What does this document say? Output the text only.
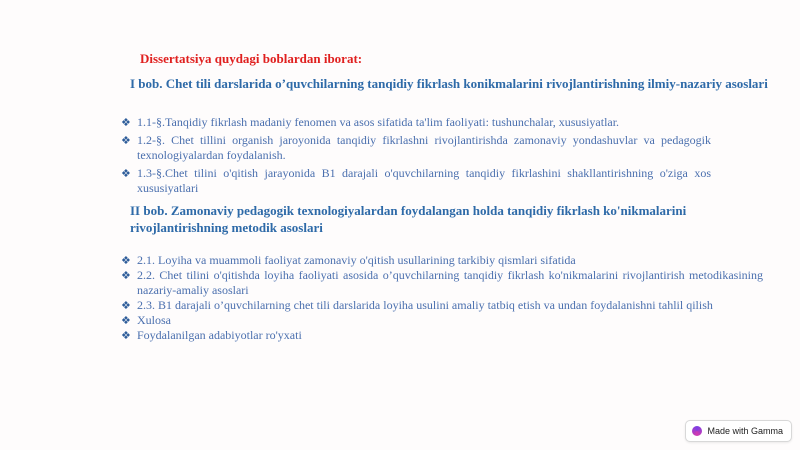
Dissertatsiya quydagi boblardan iborat:
I bob. Chet tili darslarida o’quvchilarning tanqidiy fikrlash konikmalarini rivojlantirishning ilmiy-nazariy asoslari
❖ 1.1-§.Tanqidiy fikrlash madaniy fenomen va asos sifatida ta'lim faoliyati: tushunchalar, xususiyatlar.
❖ 1.2-§. Chet tillini organish jaroyonida tanqidiy fikrlashni rivojlantirishda zamonaviy yondashuvlar va pedagogik texnologiyalardan foydalanish.
❖ 1.3-§.Chet tilini o'qitish jarayonida B1 darajali o'quvchilarning tanqidiy fikrlashini shakllantirishning o'ziga xos xususiyatlari
II bob. Zamonaviy pedagogik texnologiyalardan foydalangan holda tanqidiy fikrlash ko'nikmalarini rivojlantirishning metodik asoslari
❖ 2.1. Loyiha va muammoli faoliyat zamonaviy o'qitish usullarining tarkibiy qismlari sifatida
❖ 2.2. Chet tilini o'qitishda loyiha faoliyati asosida o’quvchilarning tanqidiy fikrlash ko'nikmalarini rivojlantirish metodikasining nazariy-amaliy asoslari
❖ 2.3. B1 darajali o’quvchilarning chet tili darslarida loyiha usulini amaliy tatbiq etish va undan foydalanishni tahlil qilish
❖ Xulosa
❖ Foydalanilgan adabiyotlar ro'yxati
Made with Gamma
